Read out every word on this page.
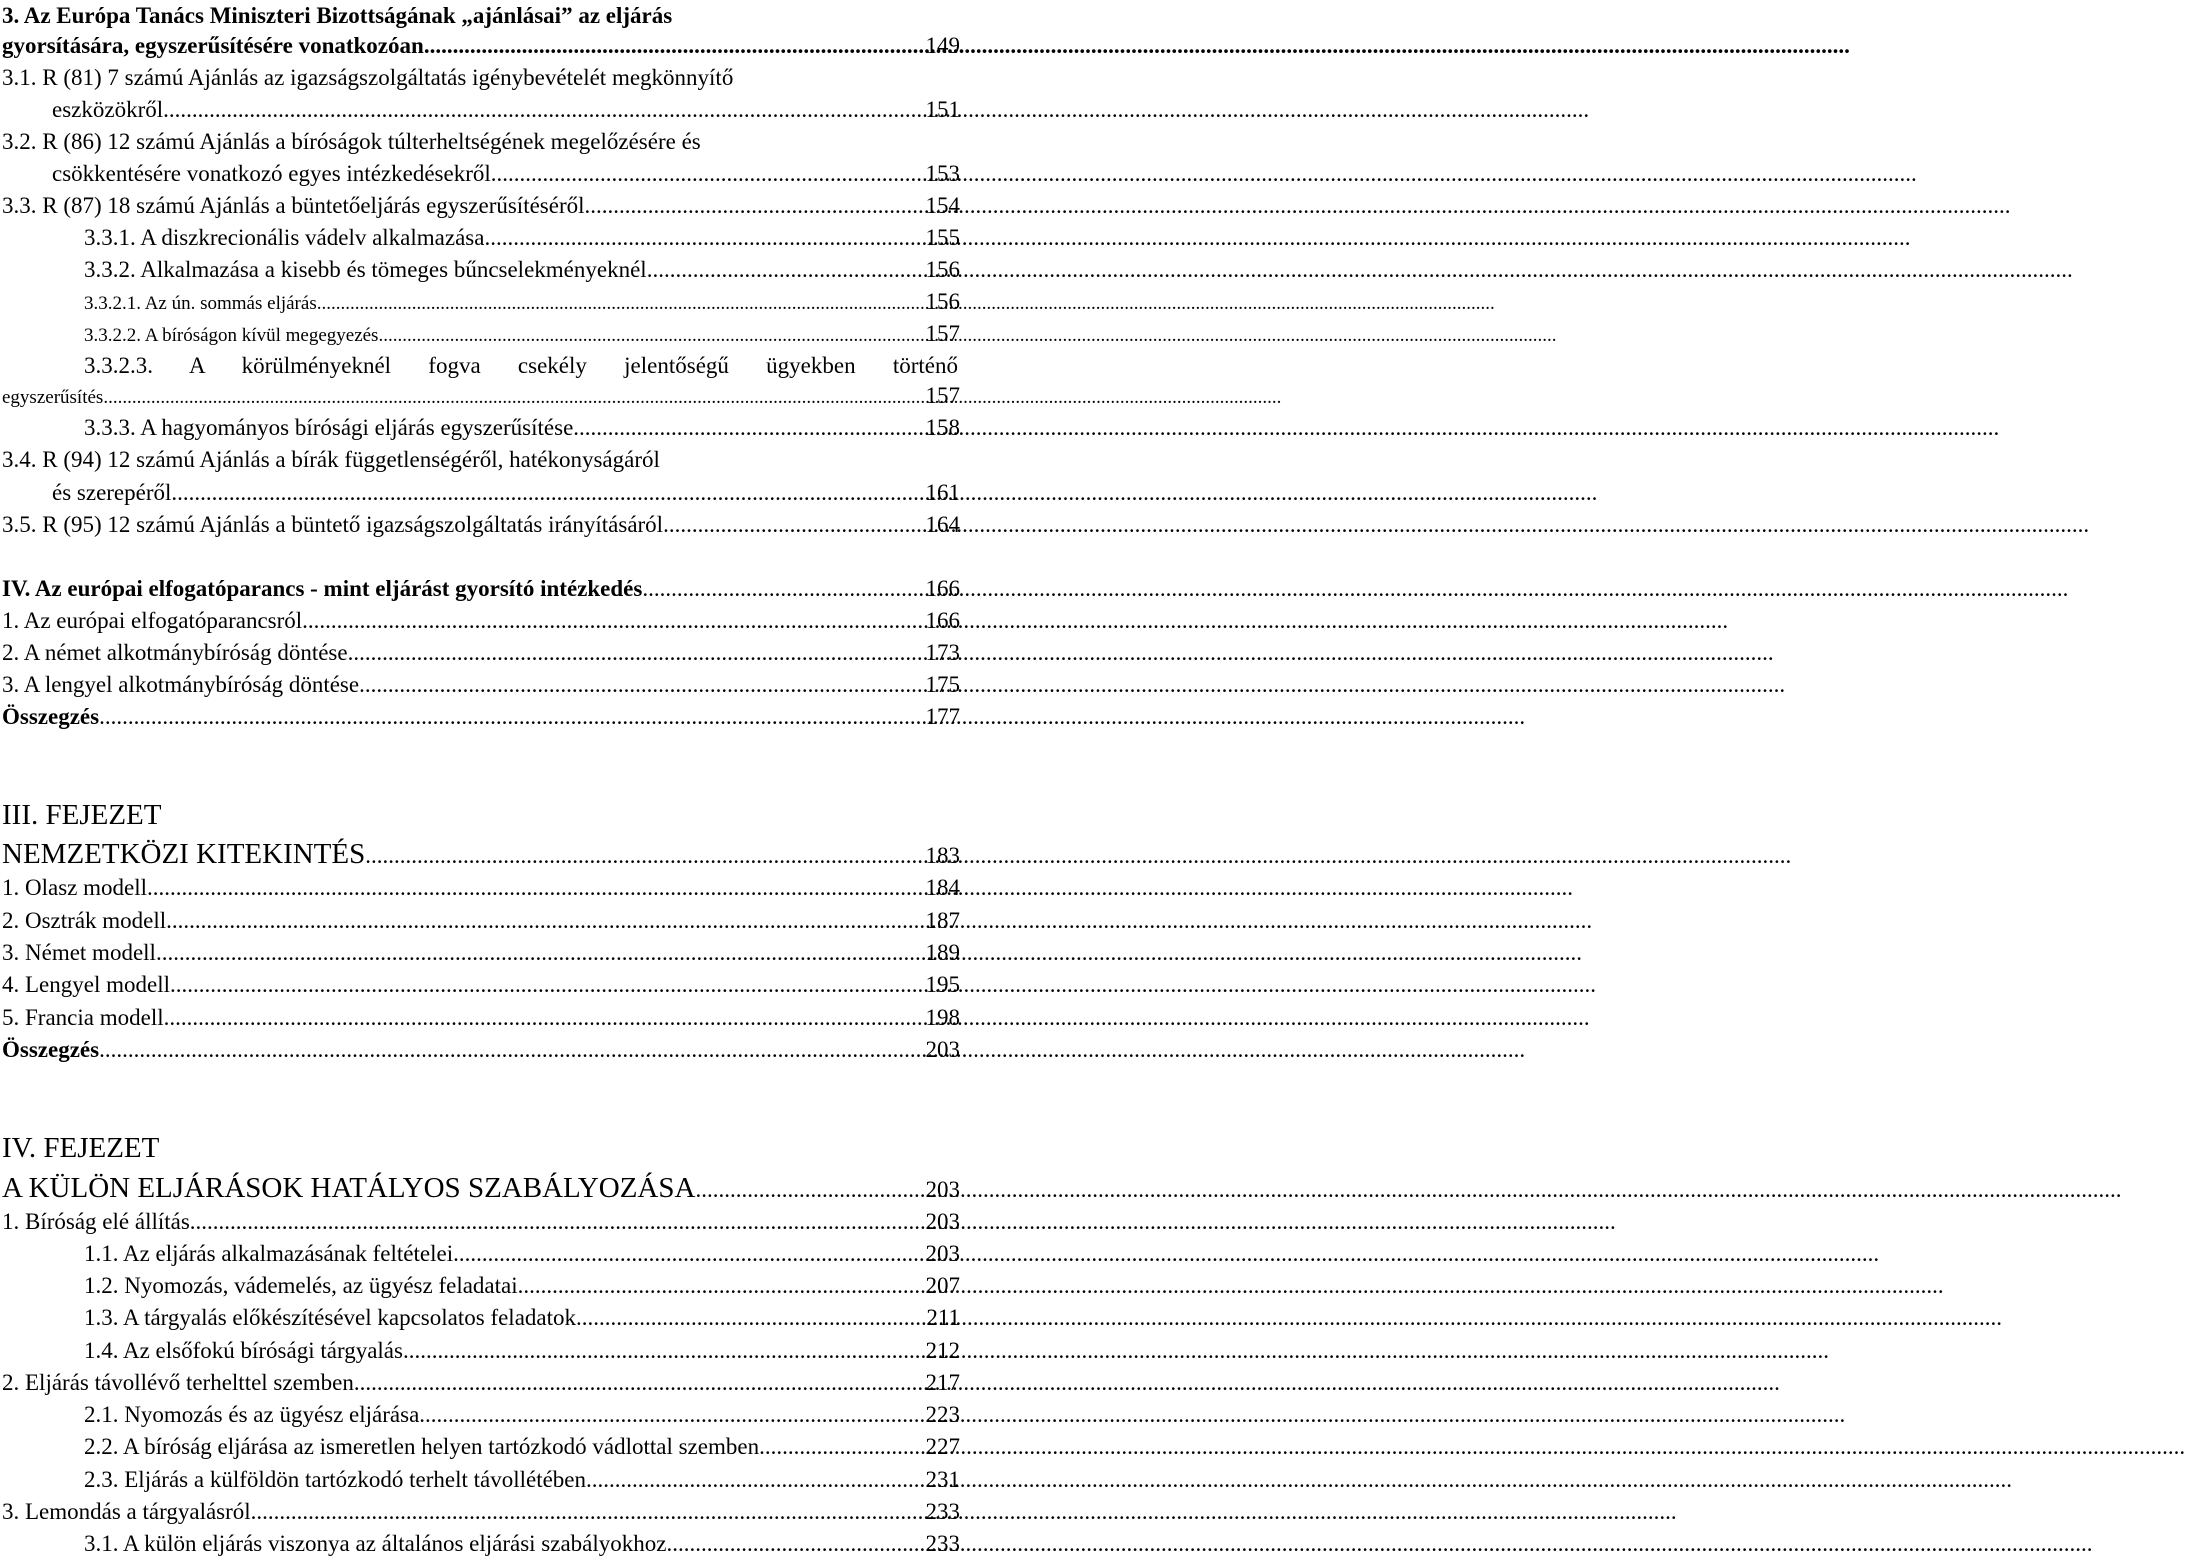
3. Az Európa Tanács Miniszteri Bizottságának „ajánlásai” az eljárás
gyorsítására, egyszerűsítésére vonatkozóan .....	149
3.1. R (81) 7 számú Ajánlás az igazságszolgáltatás igénybevételét megkönnyítő
eszközökről .....	151
3.2. R (86) 12 számú Ajánlás a bíróságok túlterheltségének megelőzésére és
csökkentésére vonatkozó egyes intézkedésekről .....	153
3.3. R (87) 18 számú Ajánlás a büntetőeljárás egyszerűsítéséről .....	154
3.3.1. A diszkrecionális vádelv alkalmazása .....	155
3.3.2. Alkalmazása a kisebb és tömeges bűncselekményeknél .....	156
3.3.2.1. Az ún. sommás eljárás .....	156
3.3.2.2. A bíróságon kívül megegyezés .....	157
3.3.2.3. A körülményeknél fogva csekély jelentőségű ügyekben történő
egyszerűsítés .....	157
3.3.3. A hagyományos bírósági eljárás egyszerűsítése .....	158
3.4. R (94) 12 számú Ajánlás a bírák függetlenségéről, hatékonyságáról
és szerepéről .....	161
3.5. R (95) 12 számú Ajánlás a büntető igazságszolgáltatás irányításáról .....	164
IV. Az európai elfogatóparancs - mint eljárást gyorsító intézkedés .....	166
1. Az európai elfogatóparancsról .....	166
2. A német alkotmánybíróság döntése .....	173
3. A lengyel alkotmánybíróság döntése .....	175
Összegzés .....	177
III. FEJEZET
NEMZETKÖZI KITEKINTÉS .....	183
1. Olasz modell .....	184
2. Osztrák modell .....	187
3. Német modell .....	189
4. Lengyel modell .....	195
5. Francia modell .....	198
Összegzés .....	203
IV. FEJEZET
A KÜLÖN ELJÁRÁSOK HATÁLYOS SZABÁLYOZÁSA .....	203
1. Bíróság elé állítás .....	203
1.1. Az eljárás alkalmazásának feltételei .....	203
1.2. Nyomozás, vádemelés, az ügyész feladatai .....	207
1.3. A tárgyalás előkészítésével kapcsolatos feladatok .....	211
1.4. Az elsőfokú bírósági tárgyalás .....	212
2. Eljárás távollévő terhelttel szemben .....	217
2.1. Nyomozás és az ügyész eljárása .....	223
2.2. A bíróság eljárása az ismeretlen helyen tartózkodó vádlottal szemben .....	227
2.3. Eljárás a külföldön tartózkodó terhelt távollétében .....	231
3. Lemondás a tárgyalásról .....	233
3.1. A külön eljárás viszonya az általános eljárási szabályokhoz .....	233
